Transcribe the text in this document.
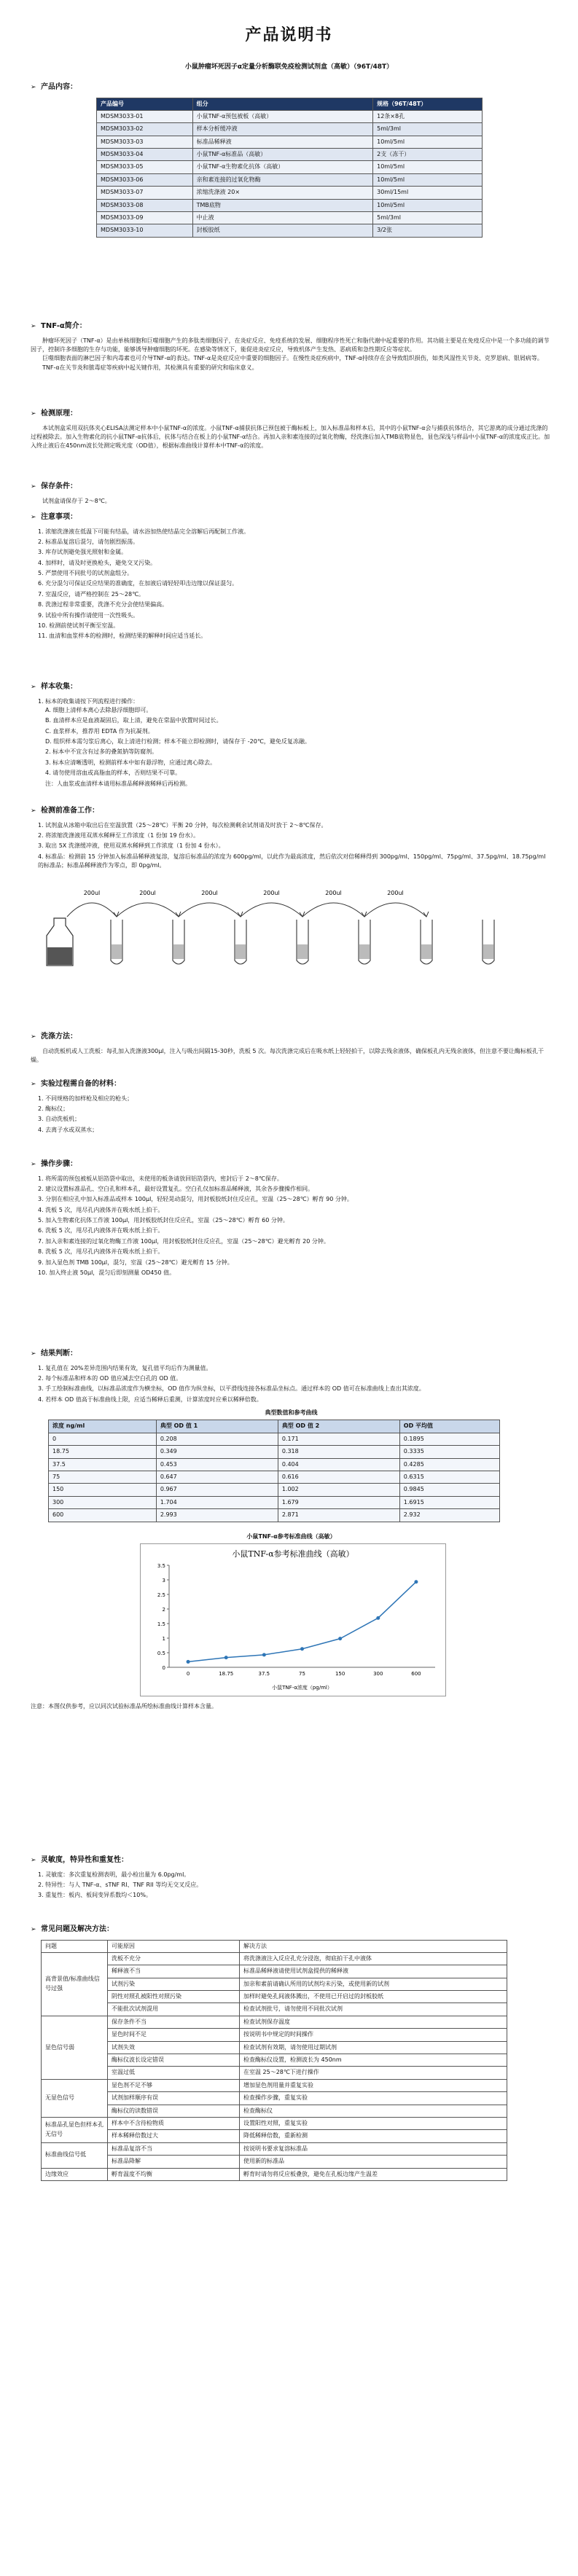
产品说明书
小鼠肿瘤坏死因子α定量分析酶联免疫检测试剂盒（高敏）（96T/48T）
➢ 产品内容：
产品编号	组分	规格（96T/48T）
MDSM3033-01	小鼠TNF-α预包被板（高敏）	12条×8孔
MDSM3033-02	样本分析缓冲液	5ml/3ml
MDSM3033-03	标准品稀释液	10ml/5ml
MDSM3033-04	小鼠TNF-α标准品（高敏）	2支（冻干）
MDSM3033-05	小鼠TNF-α生物素化抗体（高敏）	10ml/5ml
MDSM3033-06	亲和素连接的过氧化物酶	10ml/5ml
MDSM3033-07	浓缩洗涤液 20×	30ml/15ml
MDSM3033-08	TMB底物	10ml/5ml
MDSM3033-09	中止液	5ml/3ml
MDSM3033-10	封板胶纸	3/2张
➢ TNF-α简介：

肿瘤坏死因子（TNF-α）是由单核细胞和巨噬细胞产生的多肽类细胞因子，在炎症反应、免疫系统的发展、细胞程序性死亡和脂代谢中起重要的作用。其功能主要是在免疫反应中是一个多功能的调节因子，控制许多细胞的生存与功能，能够诱导肿瘤细胞的坏死。在感染等情况下，能促进炎症反应，导致机体产生发热、恶病质和急性期反应等症状。

巨噬细胞表面的淋巴因子和内毒素也可介导TNF-α的表达。TNF-α是炎症反应中重要的细胞因子。在慢性炎症疾病中，TNF-α持续存在会导致组织损伤，如类风湿性关节炎、克罗恩病、银屑病等。

TNF-α在关节炎和脓毒症等疾病中起关键作用，其检测具有重要的研究和临床意义。

➢ 检测原理：

本试剂盒采用双抗体夹心ELISA法测定样本中小鼠TNF-α的浓度。小鼠TNF-α捕获抗体已预包被于酶标板上，加入标准品和样本后，其中的小鼠TNF-α会与捕获抗体结合，其它游离的成分通过洗涤的过程被除去。加入生物素化的抗小鼠TNF-α抗体后，抗体与结合在板上的小鼠TNF-α结合。再加入亲和素连接的过氧化物酶，经洗涤后加入TMB底物显色，显色深浅与样品中小鼠TNF-α的浓度成正比。加入终止液后在450nm波长处测定吸光度（OD值），根据标准曲线计算样本中TNF-α的浓度。

➢ 保存条件：

试剂盒请保存于 2～8℃。

➢ 注意事项：
1. 浓缩洗涤液在低温下可能有结晶，请水浴加热使结晶完全溶解后再配制工作液。
2. 标准品复溶后混匀，请勿剧烈振荡。
3. 库存试剂避免强光照射和金属。
4. 加样时，请及时更换枪头，避免交叉污染。
5. 严禁使用不同批号的试剂盒组分。
6. 充分混匀可保证反应结果的准确度，在加液后请轻轻叩击边缘以保证混匀。
7. 室温反应，请严格控制在 25～28℃。
8. 洗涤过程非常重要，洗涤不充分会使结果偏高。
9. 试验中所有操作请使用一次性吸头。
10. 检测前使试剂平衡至室温。
11. 血清和血浆样本的检测时，检测结果的解释时间应适当延长。
➢ 样本收集：
1. 标本的收集请按下列流程进行操作：
A. 细胞上清样本离心去除悬浮细胞即可。
B. 血清样本应是血液凝固后，取上清，避免在常温中放置时间过长。
C. 血浆样本，推荐用 EDTA 作为抗凝剂。
D. 组织样本需匀浆后离心，取上清进行检测；样本不能立即检测时，请保存于 -20℃，避免反复冻融。
2. 标本中不宜含有过多的叠氮钠等防腐剂。
3. 标本应清晰透明，检测前样本中如有悬浮物，应通过离心除去。
4. 请勿使用溶血或高脂血的样本，否则结果不可靠。
注：人血浆或血清样本请用标准品稀释液稀释后再检测。
➢ 检测前准备工作：
1. 试剂盒从冰箱中取出后在室温放置（25～28℃）平衡 20 分钟，每次检测剩余试剂请及时放于 2～8℃保存。
2. 将浓缩洗涤液用双蒸水稀释至工作浓度（1 份加 19 份水）。
3. 取出 5X 洗涤缓冲液，使用双蒸水稀释到工作浓度（1 份加 4 份水）。
4. 标准品：检测前 15 分钟加入标准品稀释液复溶，复溶后标准品的浓度为 600pg/ml，以此作为最高浓度，然后依次对倍稀释得到 300pg/ml、150pg/ml、75pg/ml、37.5pg/ml、18.75pg/ml 的标准品；标准品稀释液作为零点，即 0pg/ml。
200ul	200ul	200ul	200ul	200ul	200ul
➢ 洗涤方法：

自动洗板机或人工洗板：每孔加入洗涤液300μl，注入与吸出间隔15-30秒，洗板 5 次。每次洗涤完成后在吸水纸上轻轻拍干，以除去残余液体，确保板孔内无残余液体，但注意不要让酶标板孔干燥。

➢ 实验过程需自备的材料：
1. 不同规格的加样枪及相应的枪头；
2. 酶标仪；
3. 自动洗板机；
4. 去离子水或双蒸水；
➢ 操作步骤：
1. 将所需的预包被板从铝箔袋中取出，未使用的板条请放回铝箔袋内，密封后于 2～8℃保存。
2. 建议设置标准品孔、空白孔和样本孔，最好设置复孔。空白孔仅加标准品稀释液，其余各步骤操作相同。
3. 分别在相应孔中加入标准品或样本 100μl，轻轻晃动混匀，用封板胶纸封住反应孔，室温（25～28℃）孵育 90 分钟。
4. 洗板 5 次，甩尽孔内液体并在吸水纸上拍干。
5. 加入生物素化抗体工作液 100μl，用封板胶纸封住反应孔，室温（25～28℃）孵育 60 分钟。
6. 洗板 5 次，甩尽孔内液体并在吸水纸上拍干。
7. 加入亲和素连接的过氧化物酶工作液 100μl，用封板胶纸封住反应孔，室温（25～28℃）避光孵育 20 分钟。
8. 洗板 5 次，甩尽孔内液体并在吸水纸上拍干。
9. 加入显色剂 TMB 100μl，混匀，室温（25～28℃）避光孵育 15 分钟。
10. 加入终止液 50μl，混匀后即刻测量 OD450 值。
➢ 结果判断：
1. 复孔值在 20%差异范围内结果有效，复孔值平均后作为测量值。
2. 每个标准品和样本的 OD 值应减去空白孔的 OD 值。
3. 手工绘制标准曲线，以标准品浓度作为横坐标，OD 值作为纵坐标，以平滑线连接各标准品坐标点。通过样本的 OD 值可在标准曲线上查出其浓度。
4. 若样本 OD 值高于标准曲线上限，应适当稀释后重测，计算浓度时应乘以稀释倍数。
典型数值和参考曲线
浓度 ng/ml	典型 OD 值 1	典型 OD 值 2	OD 平均值
0	0.208	0.171	0.1895
18.75	0.349	0.318	0.3335
37.5	0.453	0.404	0.4285
75	0.647	0.616	0.6315
150	0.967	1.002	0.9845
300	1.704	1.679	1.6915
600	2.993	2.871	2.932
小鼠TNF-α参考标准曲线（高敏）
小鼠TNF-α参考标准曲线（高敏）
0
0.5
1
1.5
2
2.5
3
3.5
0	18.75	37.5	75	150	300	600
小鼠TNF-α浓度（pg/ml）

注意：本图仅供参考，应以同次试验标准品所绘标准曲线计算样本含量。

➢ 灵敏度，特异性和重复性：
1. 灵敏度：多次重复检测表明，最小检出量为 6.0pg/ml。
2. 特异性：与人 TNF-α、sTNF RI、TNF RII 等均无交叉反应。
3. 重复性：板内、板间变异系数均＜10%。
➢ 常见问题及解决方法：
问题	可能原因	解决方法
高背景值/标准曲线信号过强	洗板不充分	将洗涤液注入反应孔充分浸泡，彻底拍干孔中液体
	稀释液不当	标准品稀释液请使用试剂盒提供的稀释液
	试剂污染	加亲和素前请确认所用的试剂均未污染，或使用新的试剂
	阴性对照孔被阳性对照污染	加样时避免孔间液体溅出，不使用已开启过的封板胶纸
	不能批次试剂混用	检查试剂批号，请勿使用不同批次试剂
显色信号弱	保存条件不当	检查试剂保存温度
	显色时间不足	按说明书中规定的时间操作
	试剂失效	检查试剂有效期，请勿使用过期试剂
	酶标仪波长设定错误	检查酶标仪设置，检测波长为 450nm
	室温过低	在室温 25～28℃下进行操作
无显色信号	显色剂不足不够	增加显色剂用量并重复实验
	试剂加样顺序有误	检查操作步骤，重复实验
	酶标仪的读数错误	检查酶标仪
标准品孔显色但样本孔无信号	样本中不含待检物质	设置阳性对照，重复实验
	样本稀释倍数过大	降低稀释倍数，重新检测
标准曲线信号低	标准品复溶不当	按说明书要求复溶标准品
	标准品降解	使用新的标准品
边缘效应	孵育温度不均衡	孵育时请勿将反应板叠放，避免在孔板边缘产生温差
